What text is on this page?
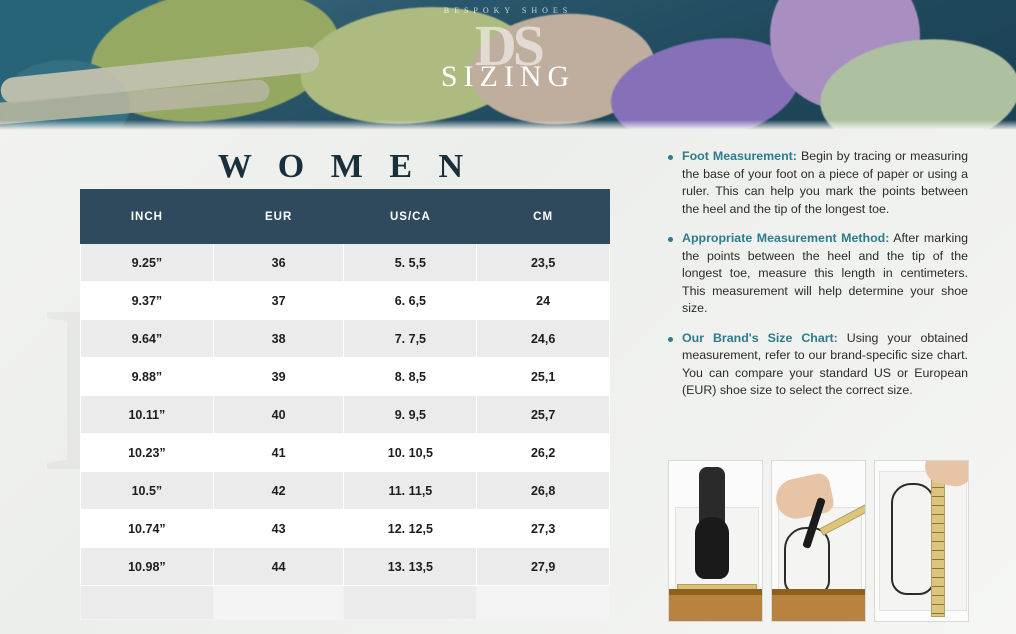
BESPOKY SHOES
DS
SIZING
W O M E N
INCH	EUR	US/CA	CM
9.25”	36	5. 5,5	23,5
9.37”	37	6. 6,5	24
9.64”	38	7. 7,5	24,6
9.88”	39	8. 8,5	25,1
10.11”	40	9. 9,5	25,7
10.23”	41	10. 10,5	26,2
10.5”	42	11. 11,5	26,8
10.74”	43	12. 12,5	27,3
10.98”	44	13. 13,5	27,9

Foot Measurement: Begin by tracing or measuring the base of your foot on a piece of paper or using a ruler. This can help you mark the points between the heel and the tip of the longest toe.
Appropriate Measurement Method: After marking the points between the heel and the tip of the longest toe, measure this length in centimeters. This measurement will help determine your shoe size.
Our Brand's Size Chart: Using your obtained measurement, refer to our brand-specific size chart. You can compare your standard US or European (EUR) shoe size to select the correct size.
